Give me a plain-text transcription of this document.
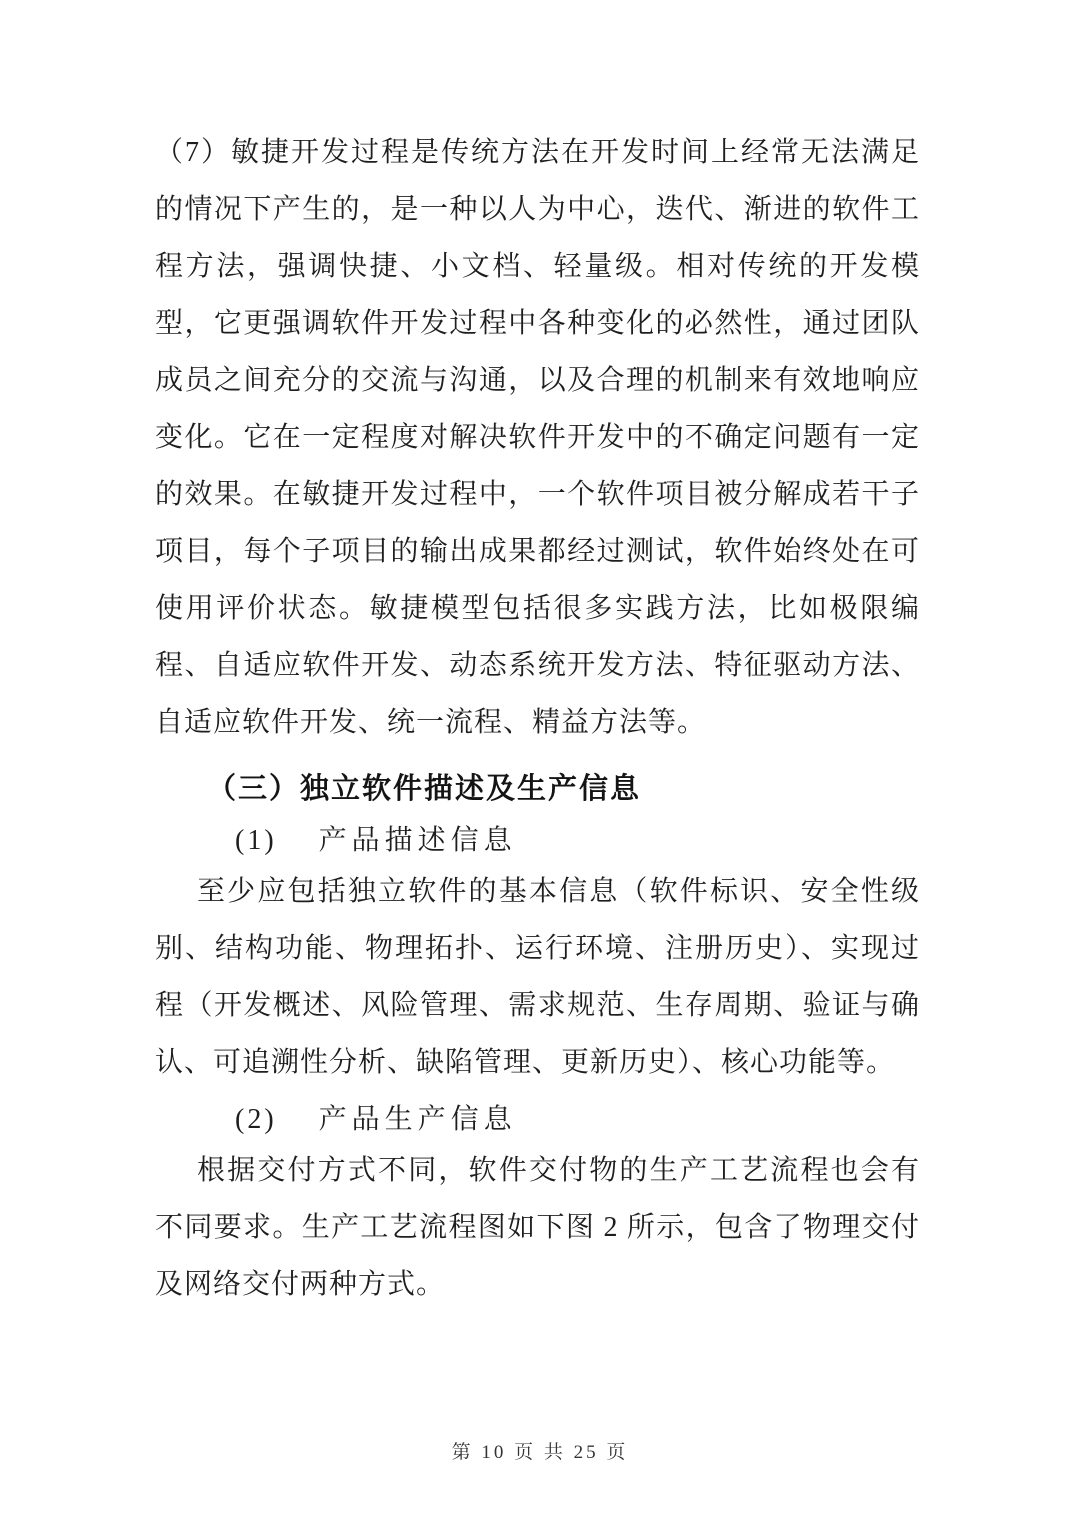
（7）敏捷开发过程是传统方法在开发时间上经常无法满足的情况下产生的，是一种以人为中心，迭代、渐进的软件工程方法，强调快捷、小文档、轻量级。相对传统的开发模型，它更强调软件开发过程中各种变化的必然性，通过团队成员之间充分的交流与沟通，以及合理的机制来有效地响应变化。它在一定程度对解决软件开发中的不确定问题有一定的效果。在敏捷开发过程中，一个软件项目被分解成若干子项目，每个子项目的输出成果都经过测试，软件始终处在可使用评价状态。敏捷模型包括很多实践方法，比如极限编程、自适应软件开发、动态系统开发方法、特征驱动方法、自适应软件开发、统一流程、精益方法等。

（三）独立软件描述及生产信息
(1) 产品描述信息

至少应包括独立软件的基本信息（软件标识、安全性级别、结构功能、物理拓扑、运行环境、注册历史）、实现过程（开发概述、风险管理、需求规范、生存周期、验证与确认、可追溯性分析、缺陷管理、更新历史）、核心功能等。

(2) 产品生产信息

根据交付方式不同，软件交付物的生产工艺流程也会有不同要求。生产工艺流程图如下图 2 所示，包含了物理交付及网络交付两种方式。

第 10 页 共 25 页
